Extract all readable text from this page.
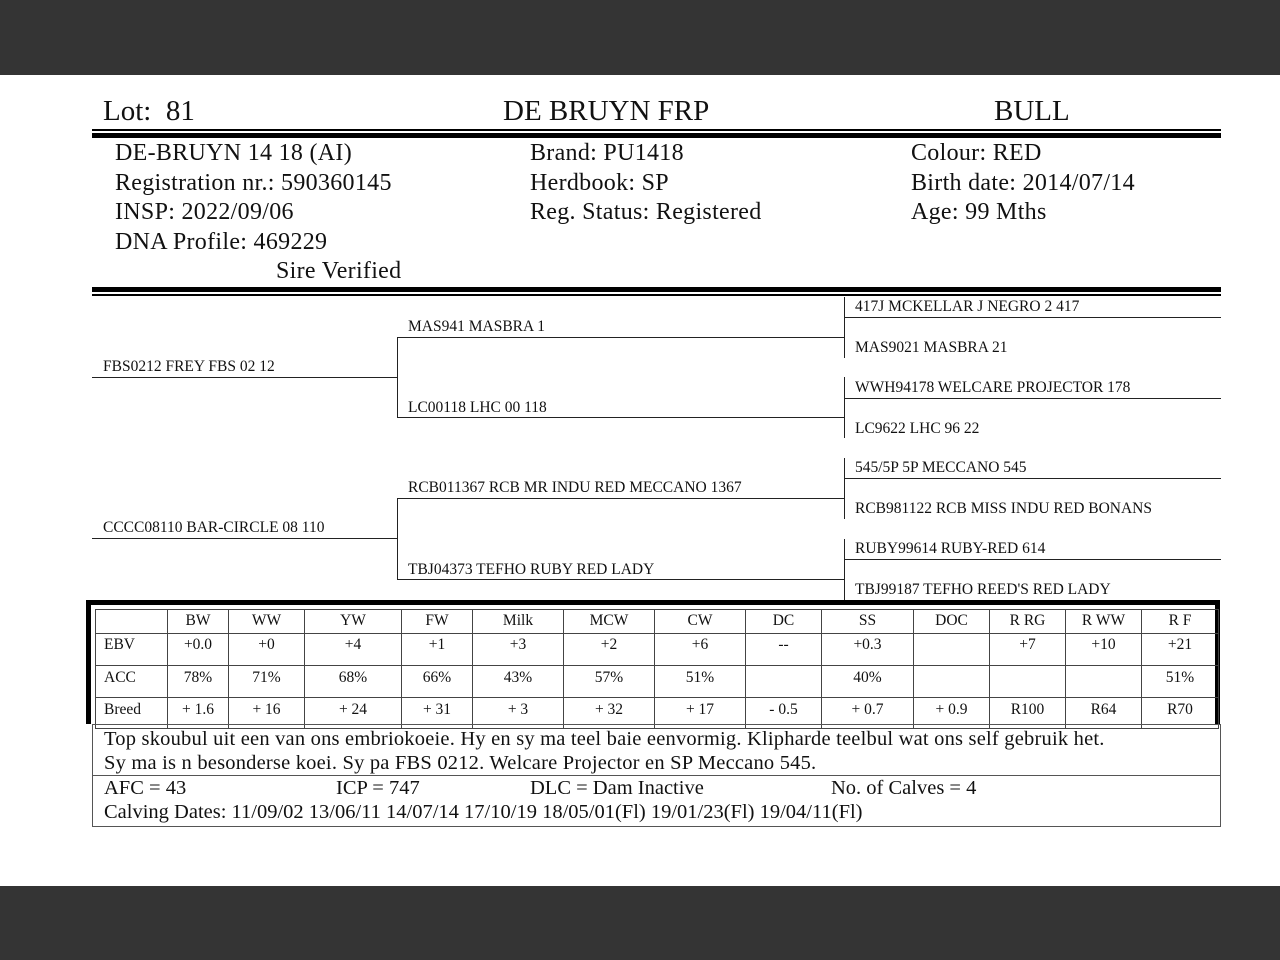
Lot: 81	DE BRUYN FRP	BULL
DE-BRUYN 14 18 (AI)
Registration nr.: 590360145
INSP: 2022/09/06
DNA Profile: 469229
Sire Verified
Brand: PU1418
Herdbook: SP
Reg. Status: Registered
Colour: RED
Birth date: 2014/07/14
Age: 99 Mths
FBS0212 FREY FBS 02 12
CCCC08110 BAR-CIRCLE 08 110
MAS941 MASBRA 1
LC00118 LHC 00 118
RCB011367 RCB MR INDU RED MECCANO 1367
TBJ04373 TEFHO RUBY RED LADY
417J MCKELLAR J NEGRO 2 417
MAS9021 MASBRA 21
WWH94178 WELCARE PROJECTOR 178
LC9622 LHC 96 22
545/5P 5P MECCANO 545
RCB981122 RCB MISS INDU RED BONANS
RUBY99614 RUBY-RED 614
TBJ99187 TEFHO REED'S RED LADY
	BW	WW	YW	FW	Milk	MCW	CW	DC	SS	DOC	R RG	R WW	R F
EBV	+0.0	+0	+4	+1	+3	+2	+6	--	+0.3		+7	+10	+21
ACC	78%	71%	68%	66%	43%	57%	51%		40%				51%
Breed	+ 1.6	+ 16	+ 24	+ 31	+ 3	+ 32	+ 17	- 0.5	+ 0.7	+ 0.9	R100	R64	R70
Top skoubul uit een van ons embriokoeie. Hy en sy ma teel baie eenvormig. Klipharde teelbul wat ons self gebruik het.
Sy ma is n besonderse koei. Sy pa FBS 0212. Welcare Projector en SP Meccano 545.
AFC = 43	ICP = 747	DLC = Dam Inactive	No. of Calves = 4
Calving Dates: 11/09/02 13/06/11 14/07/14 17/10/19 18/05/01(Fl) 19/01/23(Fl) 19/04/11(Fl)
